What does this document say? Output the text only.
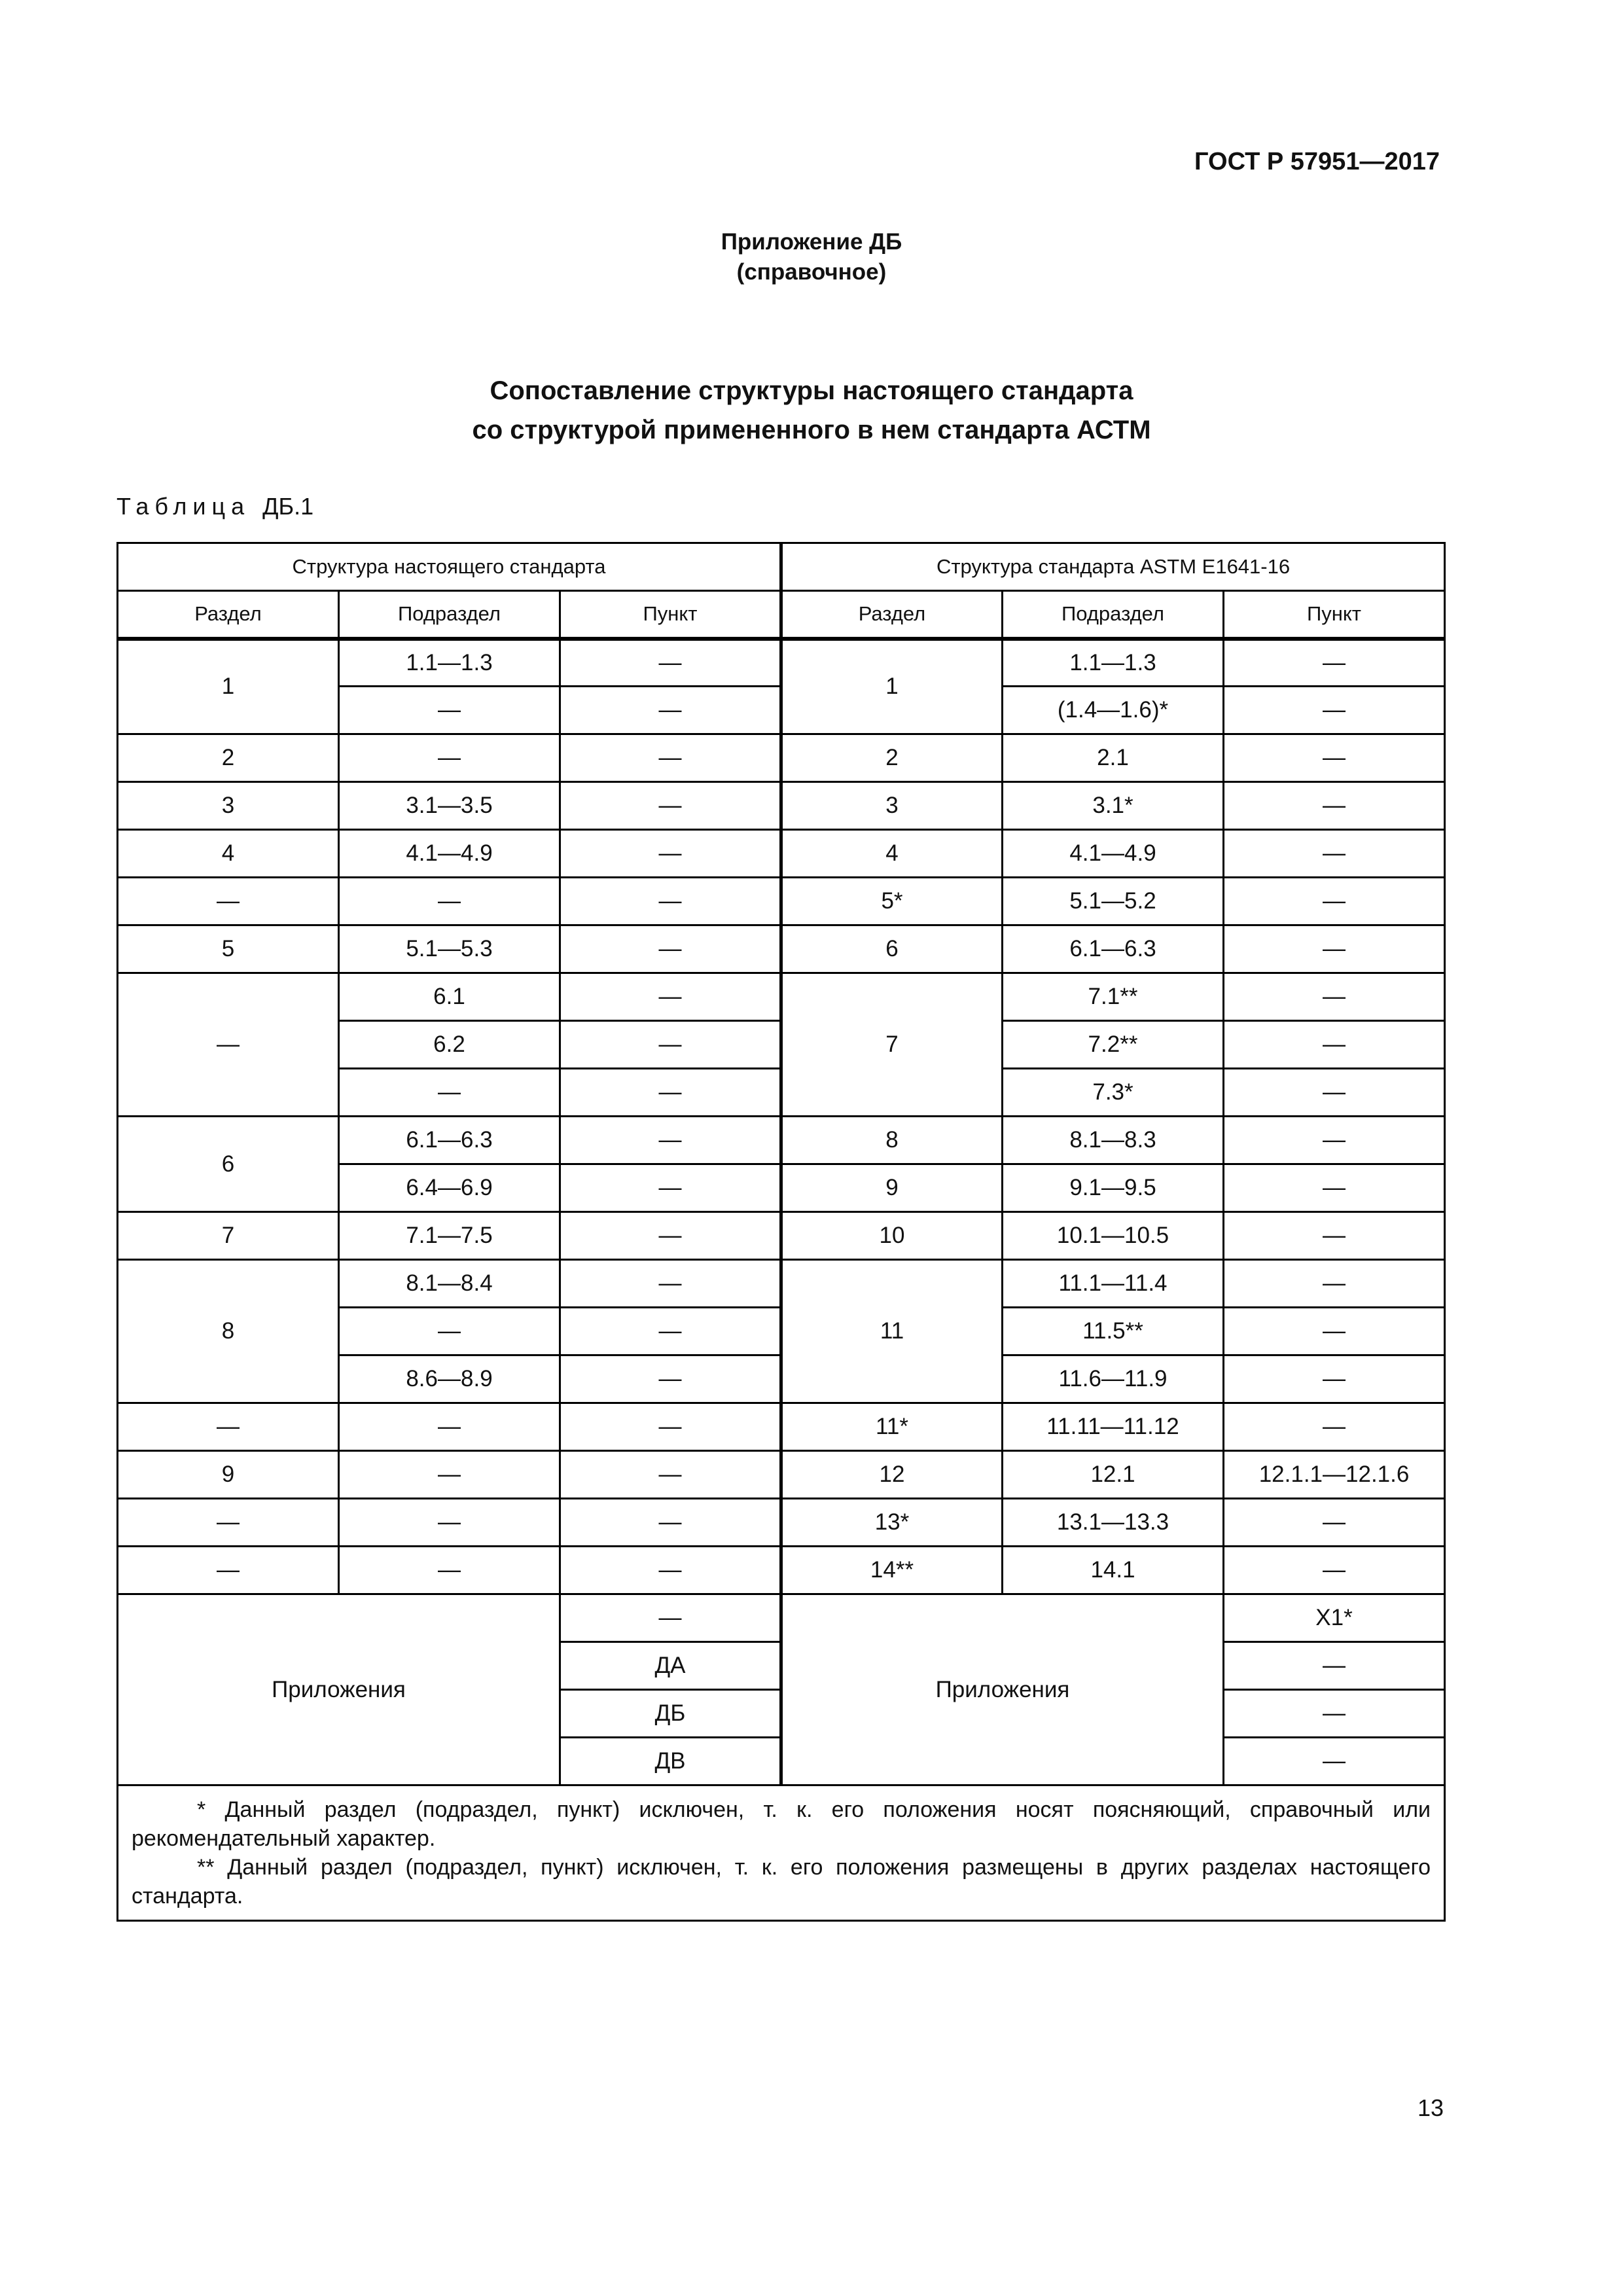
ГОСТ Р 57951—2017
Приложение ДБ
(справочное)
Сопоставление структуры настоящего стандарта
со структурой примененного в нем стандарта АСТМ
Таблица ДБ.1
Структура настоящего стандарта			Структура стандарта ASTM E1641-16		
Раздел	Подраздел	Пункт	Раздел	Подраздел	Пункт
1	1.1—1.3	—	1	1.1—1.3	—
	—	—		(1.4—1.6)*	—
2	—	—	2	2.1	—
3	3.1—3.5	—	3	3.1*	—
4	4.1—4.9	—	4	4.1—4.9	—
—	—	—	5*	5.1—5.2	—
5	5.1—5.3	—	6	6.1—6.3	—
—	6.1	—	7	7.1**	—
	6.2	—		7.2**	—
	—	—		7.3*	—
6	6.1—6.3	—	8	8.1—8.3	—
	6.4—6.9	—	9	9.1—9.5	—
7	7.1—7.5	—	10	10.1—10.5	—
8	8.1—8.4	—	11	11.1—11.4	—
	—	—		11.5**	—
	8.6—8.9	—		11.6—11.9	—
—	—	—	11*	11.11—11.12	—
9	—	—	12	12.1	12.1.1—12.1.6
—	—	—	13*	13.1—13.3	—
—	—	—	14**	14.1	—
Приложения		—	Приложения		X1*
		ДА			—
		ДБ			—
		ДВ			—

* Данный раздел (подраздел, пункт) исключен, т. к. его положения носят поясняющий, справочный или рекомендательный характер.
** Данный раздел (подраздел, пункт) исключен, т. к. его положения размещены в других разделах настоящего стандарта.					
13
